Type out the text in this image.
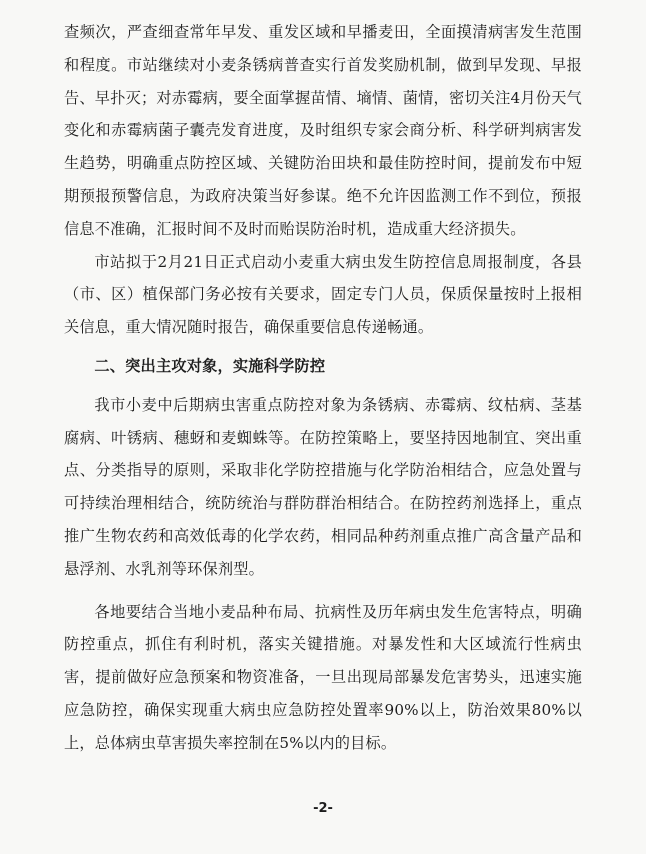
查频次，严查细查常年早发、重发区域和早播麦田，全面摸清病害发生范围和程度。市站继续对小麦条锈病普查实行首发奖励机制，做到早发现、早报告、早扑灭；对赤霉病，要全面掌握苗情、墒情、菌情，密切关注4月份天气变化和赤霉病菌子囊壳发育进度，及时组织专家会商分析、科学研判病害发生趋势，明确重点防控区域、关键防治田块和最佳防控时间，提前发布中短期预报预警信息，为政府决策当好参谋。绝不允许因监测工作不到位，预报信息不准确，汇报时间不及时而贻误防治时机，造成重大经济损失。

市站拟于2月21日正式启动小麦重大病虫发生防控信息周报制度，各县（市、区）植保部门务必按有关要求，固定专门人员，保质保量按时上报相关信息，重大情况随时报告，确保重要信息传递畅通。

二、突出主攻对象，实施科学防控

我市小麦中后期病虫害重点防控对象为条锈病、赤霉病、纹枯病、茎基腐病、叶锈病、穗蚜和麦蜘蛛等。在防控策略上，要坚持因地制宜、突出重点、分类指导的原则，采取非化学防控措施与化学防治相结合，应急处置与可持续治理相结合，统防统治与群防群治相结合。在防控药剂选择上，重点推广生物农药和高效低毒的化学农药，相同品种药剂重点推广高含量产品和悬浮剂、水乳剂等环保剂型。

各地要结合当地小麦品种布局、抗病性及历年病虫发生危害特点，明确防控重点，抓住有利时机，落实关键措施。对暴发性和大区域流行性病虫害，提前做好应急预案和物资准备，一旦出现局部暴发危害势头，迅速实施应急防控，确保实现重大病虫应急防控处置率90%以上，防治效果80%以上，总体病虫草害损失率控制在5%以内的目标。

-2-
